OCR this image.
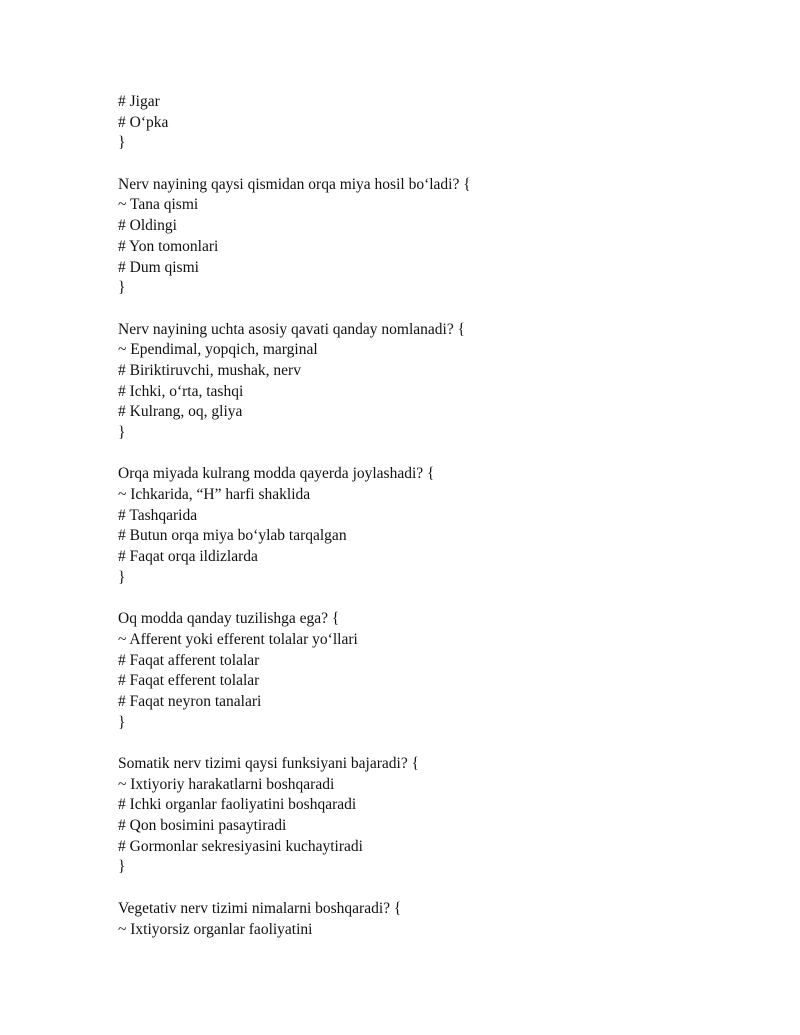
# Jigar
# O‘pka
}
Nerv nayining qaysi qismidan orqa miya hosil bo‘ladi? {
~ Tana qismi
# Oldingi
# Yon tomonlari
# Dum qismi
}
Nerv nayining uchta asosiy qavati qanday nomlanadi? {
~ Ependimal, yopqich, marginal
# Biriktiruvchi, mushak, nerv
# Ichki, o‘rta, tashqi
# Kulrang, oq, gliya
}
Orqa miyada kulrang modda qayerda joylashadi? {
~ Ichkarida, “H” harfi shaklida
# Tashqarida
# Butun orqa miya bo‘ylab tarqalgan
# Faqat orqa ildizlarda
}
Oq modda qanday tuzilishga ega? {
~ Afferent yoki efferent tolalar yo‘llari
# Faqat afferent tolalar
# Faqat efferent tolalar
# Faqat neyron tanalari
}
Somatik nerv tizimi qaysi funksiyani bajaradi? {
~ Ixtiyoriy harakatlarni boshqaradi
# Ichki organlar faoliyatini boshqaradi
# Qon bosimini pasaytiradi
# Gormonlar sekresiyasini kuchaytiradi
}
Vegetativ nerv tizimi nimalarni boshqaradi? {
~ Ixtiyorsiz organlar faoliyatini
